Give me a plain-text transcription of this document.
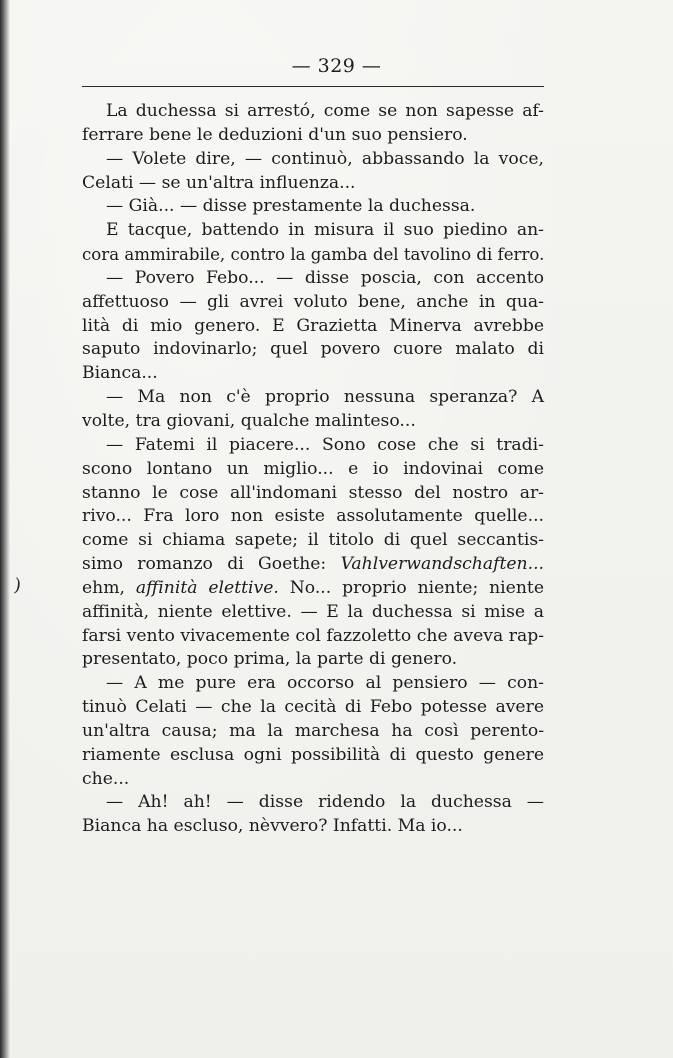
— 329 —
)
La duchessa si arrestó, come se non sapesse af-
ferrare bene le deduzioni d'un suo pensiero.
— Volete dire, — continuò, abbassando la voce,
Celati — se un'altra influenza...
— Già... — disse prestamente la duchessa.
E tacque, battendo in misura il suo piedino an-
cora ammirabile, contro la gamba del tavolino di ferro.
— Povero Febo... — disse poscia, con accento
affettuoso — gli avrei voluto bene, anche in qua-
lità di mio genero. E Grazietta Minerva avrebbe
saputo indovinarlo; quel povero cuore malato di
Bianca...
— Ma non c'è proprio nessuna speranza? A
volte, tra giovani, qualche malinteso...
— Fatemi il piacere... Sono cose che si tradi-
scono lontano un miglio... e io indovinai come
stanno le cose all'indomani stesso del nostro ar-
rivo... Fra loro non esiste assolutamente quelle...
come si chiama sapete; il titolo di quel seccantis-
simo romanzo di Goethe: Vahlverwandschaften...
ehm, affinità elettive. No... proprio niente; niente
affinità, niente elettive. — E la duchessa si mise a
farsi vento vivacemente col fazzoletto che aveva rap-
presentato, poco prima, la parte di genero.
— A me pure era occorso al pensiero — con-
tinuò Celati — che la cecità di Febo potesse avere
un'altra causa; ma la marchesa ha così perento-
riamente esclusa ogni possibilità di questo genere
che...
— Ah! ah! — disse ridendo la duchessa —
Bianca ha escluso, nèvvero? Infatti. Ma io...
